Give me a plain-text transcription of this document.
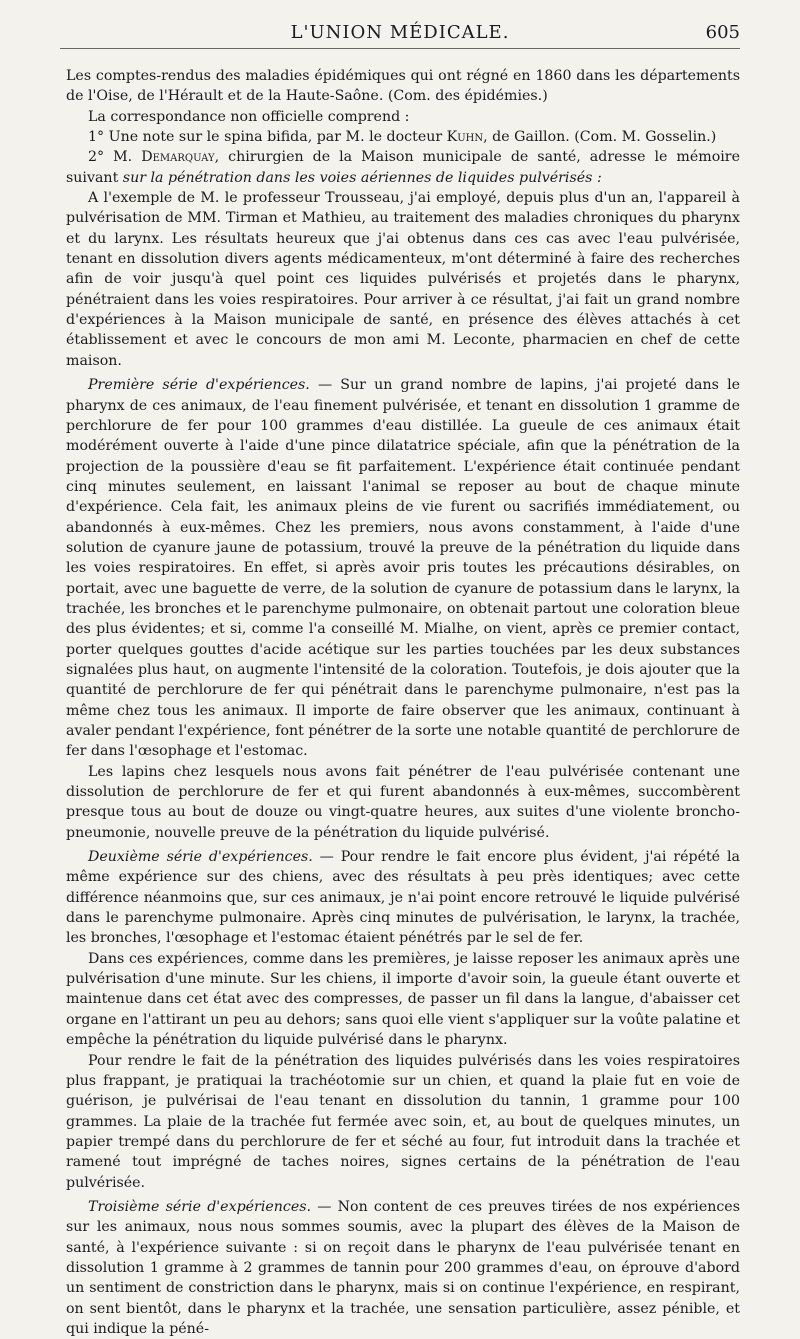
L'UNION MÉDICALE.	605

Les comptes-rendus des maladies épidémiques qui ont régné en 1860 dans les départements de l'Oise, de l'Hérault et de la Haute-Saône. (Com. des épidémies.)

La correspondance non officielle comprend :

1° Une note sur le spina bifida, par M. le docteur Kuhn, de Gaillon. (Com. M. Gosselin.)

2° M. Demarquay, chirurgien de la Maison municipale de santé, adresse le mémoire suivant sur la pénétration dans les voies aériennes de liquides pulvérisés :

A l'exemple de M. le professeur Trousseau, j'ai employé, depuis plus d'un an, l'appareil à pulvérisation de MM. Tirman et Mathieu, au traitement des maladies chroniques du pharynx et du larynx. Les résultats heureux que j'ai obtenus dans ces cas avec l'eau pulvérisée, tenant en dissolution divers agents médicamenteux, m'ont déterminé à faire des recherches afin de voir jusqu'à quel point ces liquides pulvérisés et projetés dans le pharynx, pénétraient dans les voies respiratoires. Pour arriver à ce résultat, j'ai fait un grand nombre d'expériences à la Maison municipale de santé, en présence des élèves attachés à cet établissement et avec le concours de mon ami M. Leconte, pharmacien en chef de cette maison.

Première série d'expériences. — Sur un grand nombre de lapins, j'ai projeté dans le pharynx de ces animaux, de l'eau finement pulvérisée, et tenant en dissolution 1 gramme de perchlorure de fer pour 100 grammes d'eau distillée. La gueule de ces animaux était modérément ouverte à l'aide d'une pince dilatatrice spéciale, afin que la pénétration de la projection de la poussière d'eau se fit parfaitement. L'expérience était continuée pendant cinq minutes seulement, en laissant l'animal se reposer au bout de chaque minute d'expérience. Cela fait, les animaux pleins de vie furent ou sacrifiés immédiatement, ou abandonnés à eux-mêmes. Chez les premiers, nous avons constamment, à l'aide d'une solution de cyanure jaune de potassium, trouvé la preuve de la pénétration du liquide dans les voies respiratoires. En effet, si après avoir pris toutes les précautions désirables, on portait, avec une baguette de verre, de la solution de cyanure de potassium dans le larynx, la trachée, les bronches et le parenchyme pulmonaire, on obtenait partout une coloration bleue des plus évidentes; et si, comme l'a conseillé M. Mialhe, on vient, après ce premier contact, porter quelques gouttes d'acide acétique sur les parties touchées par les deux substances signalées plus haut, on augmente l'intensité de la coloration. Toutefois, je dois ajouter que la quantité de perchlorure de fer qui pénétrait dans le parenchyme pulmonaire, n'est pas la même chez tous les animaux. Il importe de faire observer que les animaux, continuant à avaler pendant l'expérience, font pénétrer de la sorte une notable quantité de perchlorure de fer dans l'œsophage et l'estomac.

Les lapins chez lesquels nous avons fait pénétrer de l'eau pulvérisée contenant une dissolution de perchlorure de fer et qui furent abandonnés à eux-mêmes, succombèrent presque tous au bout de douze ou vingt-quatre heures, aux suites d'une violente broncho-pneumonie, nouvelle preuve de la pénétration du liquide pulvérisé.

Deuxième série d'expériences. — Pour rendre le fait encore plus évident, j'ai répété la même expérience sur des chiens, avec des résultats à peu près identiques; avec cette différence néanmoins que, sur ces animaux, je n'ai point encore retrouvé le liquide pulvérisé dans le parenchyme pulmonaire. Après cinq minutes de pulvérisation, le larynx, la trachée, les bronches, l'œsophage et l'estomac étaient pénétrés par le sel de fer.

Dans ces expériences, comme dans les premières, je laisse reposer les animaux après une pulvérisation d'une minute. Sur les chiens, il importe d'avoir soin, la gueule étant ouverte et maintenue dans cet état avec des compresses, de passer un fil dans la langue, d'abaisser cet organe en l'attirant un peu au dehors; sans quoi elle vient s'appliquer sur la voûte palatine et empêche la pénétration du liquide pulvérisé dans le pharynx.

Pour rendre le fait de la pénétration des liquides pulvérisés dans les voies respiratoires plus frappant, je pratiquai la trachéotomie sur un chien, et quand la plaie fut en voie de guérison, je pulvérisai de l'eau tenant en dissolution du tannin, 1 gramme pour 100 grammes. La plaie de la trachée fut fermée avec soin, et, au bout de quelques minutes, un papier trempé dans du perchlorure de fer et séché au four, fut introduit dans la trachée et ramené tout imprégné de taches noires, signes certains de la pénétration de l'eau pulvérisée.

Troisième série d'expériences. — Non content de ces preuves tirées de nos expériences sur les animaux, nous nous sommes soumis, avec la plupart des élèves de la Maison de santé, à l'expérience suivante : si on reçoit dans le pharynx de l'eau pulvérisée tenant en dissolution 1 gramme à 2 grammes de tannin pour 200 grammes d'eau, on éprouve d'abord un sentiment de constriction dans le pharynx, mais si on continue l'expérience, en respirant, on sent bientôt, dans le pharynx et la trachée, une sensation particulière, assez pénible, et qui indique la péné-
